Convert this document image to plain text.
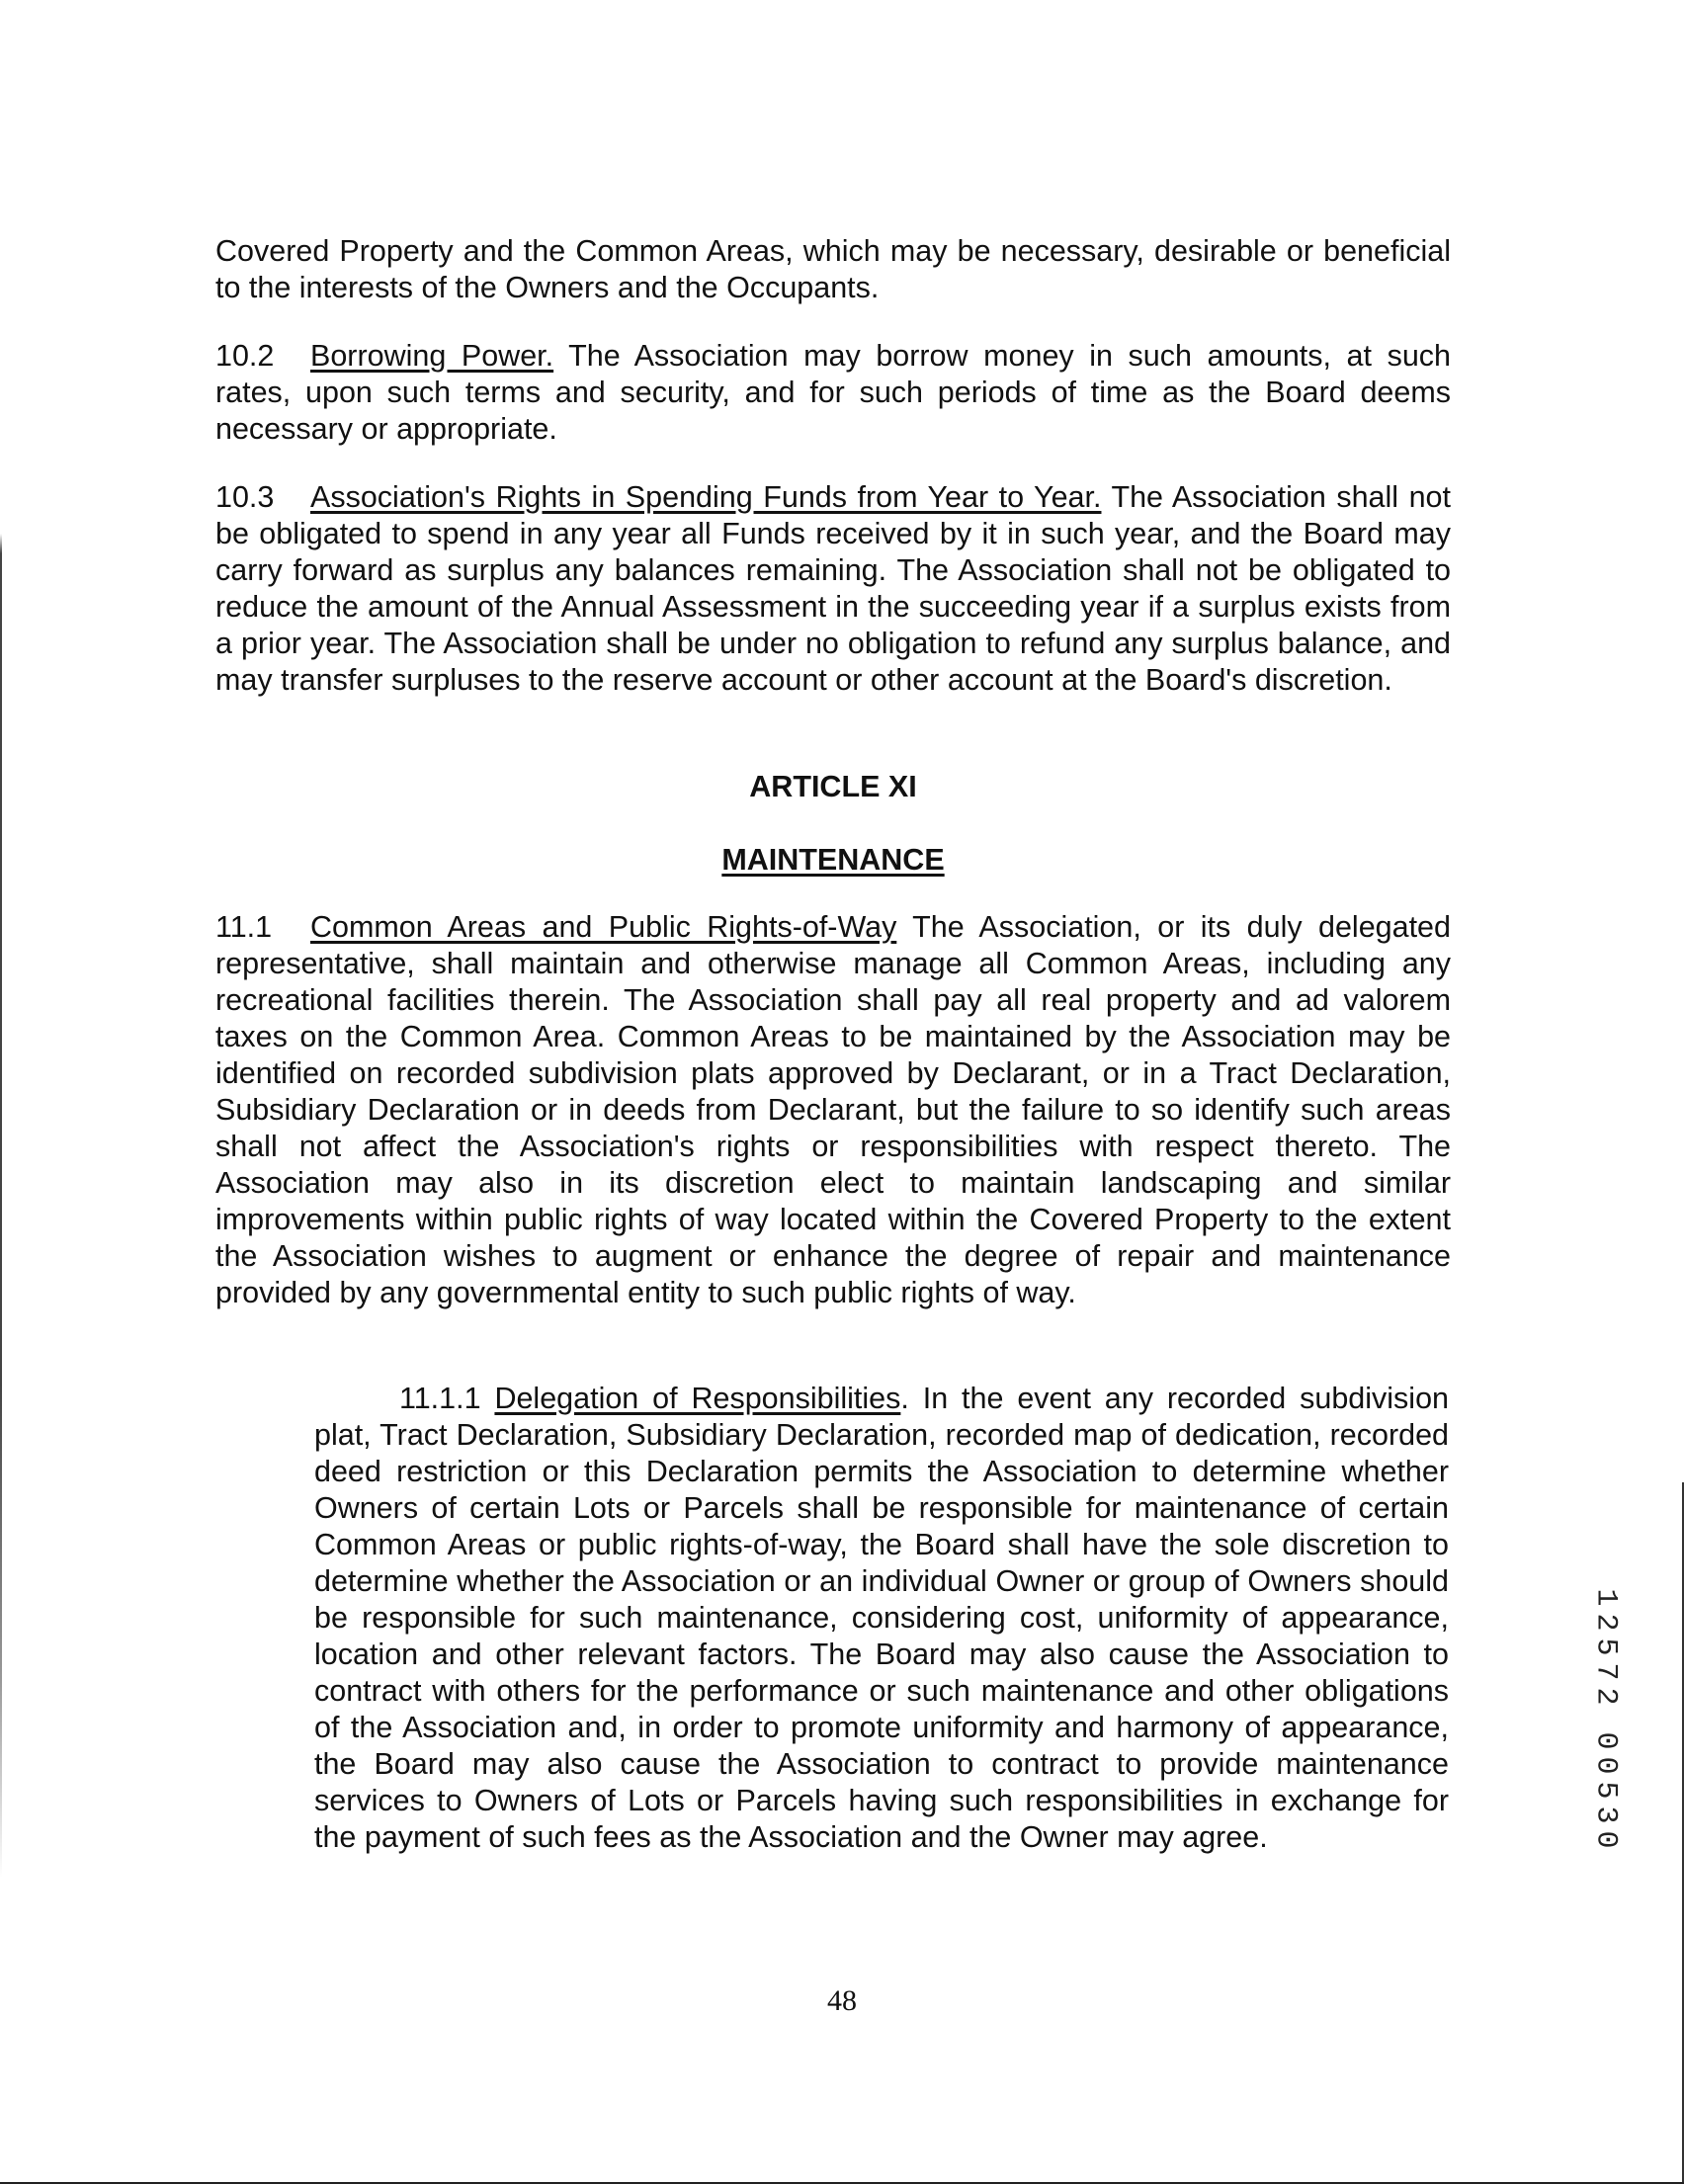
Covered Property and the Common Areas, which may be necessary, desirable or beneficial to the interests of the Owners and the Occupants.

10.2 Borrowing Power. The Association may borrow money in such amounts, at such rates, upon such terms and security, and for such periods of time as the Board deems necessary or appropriate.

10.3 Association's Rights in Spending Funds from Year to Year. The Association shall not be obligated to spend in any year all Funds received by it in such year, and the Board may carry forward as surplus any balances remaining. The Association shall not be obligated to reduce the amount of the Annual Assessment in the succeeding year if a surplus exists from a prior year. The Association shall be under no obligation to refund any surplus balance, and may transfer surpluses to the reserve account or other account at the Board's discretion.

ARTICLE XI

MAINTENANCE

11.1 Common Areas and Public Rights-of-Way The Association, or its duly delegated representative, shall maintain and otherwise manage all Common Areas, including any recreational facilities therein. The Association shall pay all real property and ad valorem taxes on the Common Area. Common Areas to be maintained by the Association may be identified on recorded subdivision plats approved by Declarant, or in a Tract Declaration, Subsidiary Declaration or in deeds from Declarant, but the failure to so identify such areas shall not affect the Association's rights or responsibilities with respect thereto. The Association may also in its discretion elect to maintain landscaping and similar improvements within public rights of way located within the Covered Property to the extent the Association wishes to augment or enhance the degree of repair and maintenance provided by any governmental entity to such public rights of way.

11.1.1 Delegation of Responsibilities. In the event any recorded subdivision plat, Tract Declaration, Subsidiary Declaration, recorded map of dedication, recorded deed restriction or this Declaration permits the Association to determine whether Owners of certain Lots or Parcels shall be responsible for maintenance of certain Common Areas or public rights-of-way, the Board shall have the sole discretion to determine whether the Association or an individual Owner or group of Owners should be responsible for such maintenance, considering cost, uniformity of appearance, location and other relevant factors. The Board may also cause the Association to contract with others for the performance or such maintenance and other obligations of the Association and, in order to promote uniformity and harmony of appearance, the Board may also cause the Association to contract to provide maintenance services to Owners of Lots or Parcels having such responsibilities in exchange for the payment of such fees as the Association and the Owner may agree.

48

1
2
5
7
2
0
0
5
3
0
